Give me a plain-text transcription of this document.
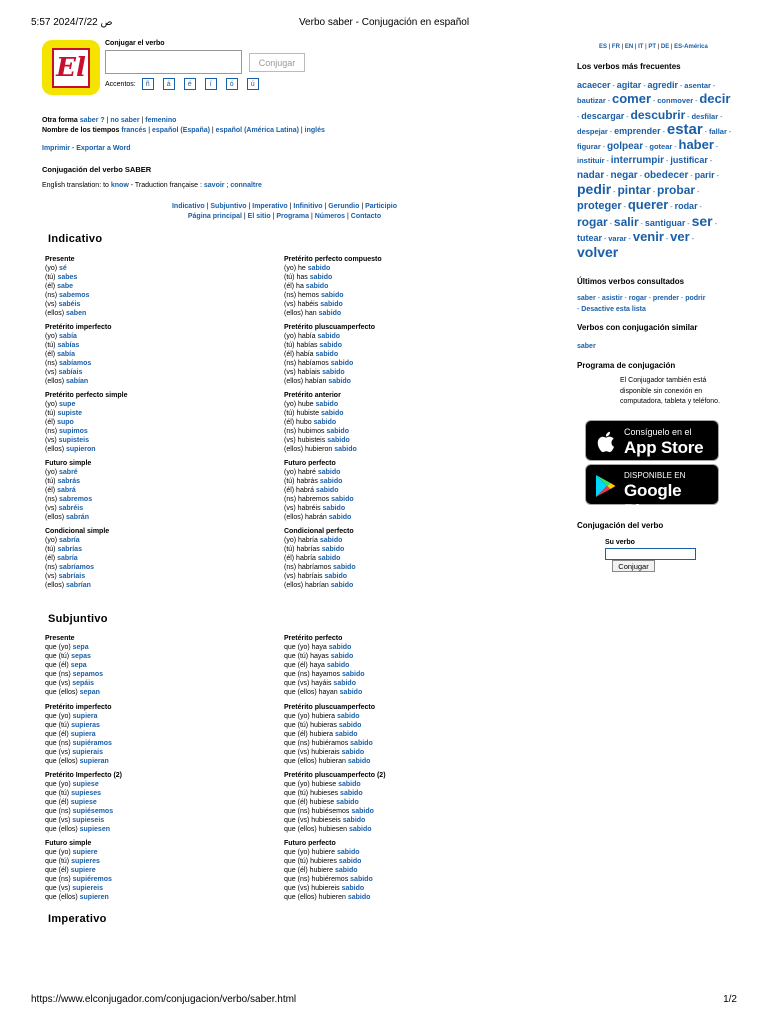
5:57 ص 2024/7/22	Verbo saber - Conjugación en español
https://www.elconjugador.com/conjugacion/verbo/saber.html	1/2
El
Conjugar el verbo
Conjugar
Accentos:	ñ	á	é	í	ó	ú
Otra forma saber ? | no saber | femenino
Nombre de los tiempos francés | español (España) | español (América Latina) | inglés
Imprimir - Exportar a Word
Conjugación del verbo SABER
English translation: to know - Traduction française : savoir ; connaître
Indicativo | Subjuntivo | Imperativo | Infinitivo | Gerundio | Participio
Página principal | El sitio | Programa | Números | Contacto
Indicativo
Subjuntivo
Imperativo
Presente
(yo) sé
(tú) sabes
(él) sabe
(ns) sabemos
(vs) sabéis
(ellos) saben
Pretérito perfecto compuesto
(yo) he sabido
(tú) has sabido
(él) ha sabido
(ns) hemos sabido
(vs) habéis sabido
(ellos) han sabido
Pretérito imperfecto
(yo) sabía
(tú) sabías
(él) sabía
(ns) sabíamos
(vs) sabíais
(ellos) sabían
Pretérito pluscuamperfecto
(yo) había sabido
(tú) habías sabido
(él) había sabido
(ns) habíamos sabido
(vs) habíais sabido
(ellos) habían sabido
Pretérito perfecto simple
(yo) supe
(tú) supiste
(él) supo
(ns) supimos
(vs) supisteis
(ellos) supieron
Pretérito anterior
(yo) hube sabido
(tú) hubiste sabido
(él) hubo sabido
(ns) hubimos sabido
(vs) hubisteis sabido
(ellos) hubieron sabido
Futuro simple
(yo) sabré
(tú) sabrás
(él) sabrá
(ns) sabremos
(vs) sabréis
(ellos) sabrán
Futuro perfecto
(yo) habré sabido
(tú) habrás sabido
(él) habrá sabido
(ns) habremos sabido
(vs) habréis sabido
(ellos) habrán sabido
Condicional simple
(yo) sabría
(tú) sabrías
(él) sabría
(ns) sabríamos
(vs) sabríais
(ellos) sabrían
Condicional perfecto
(yo) habría sabido
(tú) habrías sabido
(él) habría sabido
(ns) habríamos sabido
(vs) habríais sabido
(ellos) habrían sabido
Presente
que (yo) sepa
que (tú) sepas
que (él) sepa
que (ns) sepamos
que (vs) sepáis
que (ellos) sepan
Pretérito perfecto
que (yo) haya sabido
que (tú) hayas sabido
que (él) haya sabido
que (ns) hayamos sabido
que (vs) hayáis sabido
que (ellos) hayan sabido
Pretérito imperfecto
que (yo) supiera
que (tú) supieras
que (él) supiera
que (ns) supiéramos
que (vs) supierais
que (ellos) supieran
Pretérito pluscuamperfecto
que (yo) hubiera sabido
que (tú) hubieras sabido
que (él) hubiera sabido
que (ns) hubiéramos sabido
que (vs) hubierais sabido
que (ellos) hubieran sabido
Pretérito Imperfecto (2)
que (yo) supiese
que (tú) supieses
que (él) supiese
que (ns) supiésemos
que (vs) supieseis
que (ellos) supiesen
Pretérito pluscuamperfecto (2)
que (yo) hubiese sabido
que (tú) hubieses sabido
que (él) hubiese sabido
que (ns) hubiésemos sabido
que (vs) hubieseis sabido
que (ellos) hubiesen sabido
Futuro simple
que (yo) supiere
que (tú) supieres
que (él) supiere
que (ns) supiéremos
que (vs) supiereis
que (ellos) supieren
Futuro perfecto
que (yo) hubiere sabido
que (tú) hubieres sabido
que (él) hubiere sabido
que (ns) hubiéremos sabido
que (vs) hubiereis sabido
que (ellos) hubieren sabido
ES | FR | EN | IT | PT | DE | ES-América
Los verbos más frecuentes
acaecer - agitar - agredir - asentar - bautizar - comer - conmover - decir - descargar - descubrir - desfilar - despejar - emprender - estar - fallar - figurar - golpear - gotear - haber - instituir - interrumpir - justificar - nadar - negar - obedecer - parir - pedir - pintar - probar - proteger - querer - rodar - rogar - salir - santiguar - ser - tutear - varar - venir - ver - volver
Últimos verbos consultados
saber - asistir - rogar - prender - podrir
- Desactive esta lista
Verbos con conjugación similar
saber
Programa de conjugación
El Conjugador también está disponible sin conexión en computadora, tableta y teléfono.
Consíguelo en el
App Store
DISPONIBLE EN
Google Play
Conjugación del verbo
Su verbo
Conjugar
